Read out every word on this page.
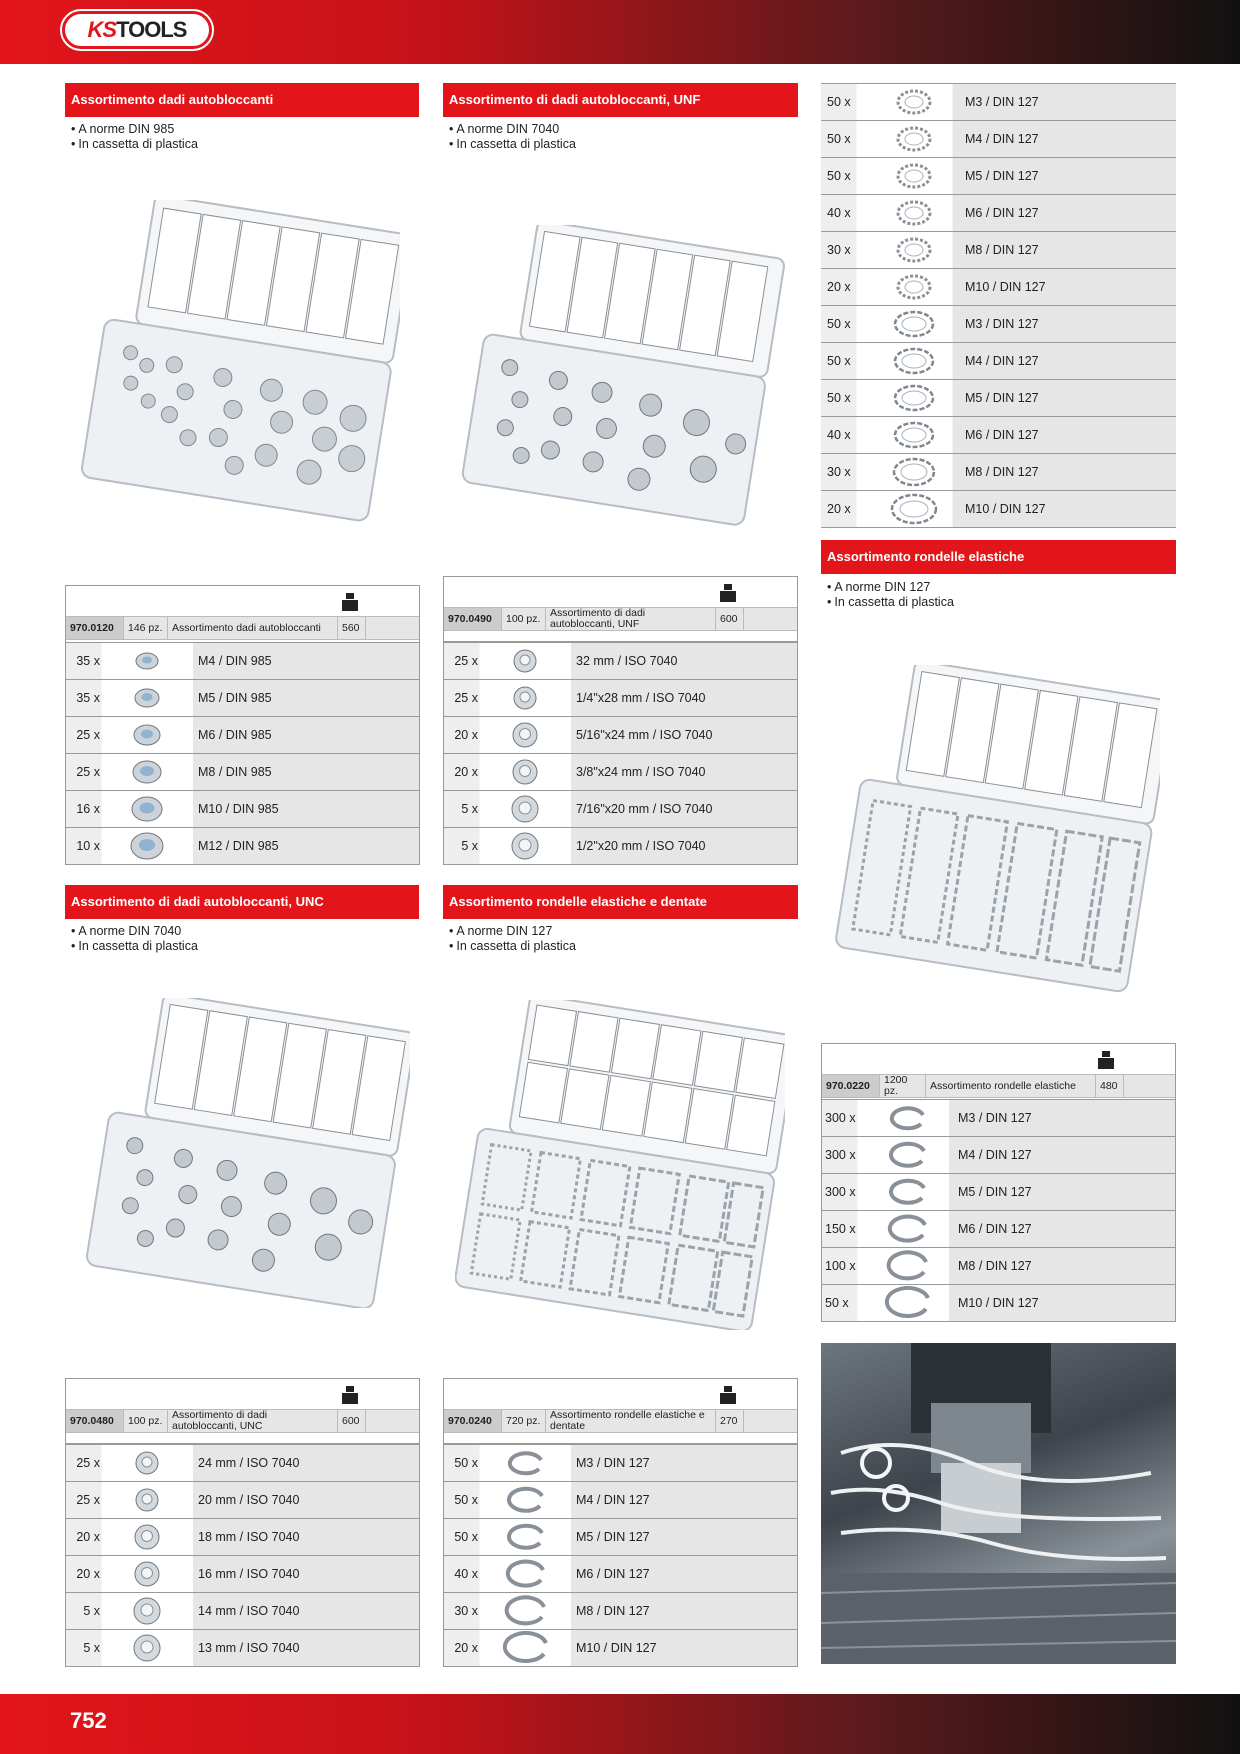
KS TOOLS
Assortimento dadi autobloccanti
• A norme DIN 985
• In cassetta di plastica
970.0120	146 pz. Assortimento dadi autobloccanti	560
35 x	M4 / DIN 985
35 x	M5 / DIN 985
25 x	M6 / DIN 985
25 x	M8 / DIN 985
16 x	M10 / DIN 985
10 x	M12 / DIN 985
Assortimento di dadi autobloccanti, UNF
• A norme DIN 7040
• In cassetta di plastica
970.0490	100 pz. Assortimento di dadi autobloccanti, UNF	600
25 x	32 mm / ISO 7040
25 x	1/4"x28 mm / ISO 7040
20 x	5/16"x24 mm / ISO 7040
20 x	3/8"x24 mm / ISO 7040
5 x	7/16"x20 mm / ISO 7040
5 x	1/2"x20 mm / ISO 7040
50 x	M3 / DIN 127
50 x	M4 / DIN 127
50 x	M5 / DIN 127
40 x	M6 / DIN 127
30 x	M8 / DIN 127
20 x	M10 / DIN 127
50 x	M3 / DIN 127
50 x	M4 / DIN 127
50 x	M5 / DIN 127
40 x	M6 / DIN 127
30 x	M8 / DIN 127
20 x	M10 / DIN 127
Assortimento rondelle elastiche
• A norme DIN 127
• In cassetta di plastica
970.0220	1200 pz.	Assortimento rondelle elastiche	480
300 x	M3 / DIN 127
300 x	M4 / DIN 127
300 x	M5 / DIN 127
150 x	M6 / DIN 127
100 x	M8 / DIN 127
50 x	M10 / DIN 127
Assortimento di dadi autobloccanti, UNC
• A norme DIN 7040
• In cassetta di plastica
970.0480	100 pz. Assortimento di dadi autobloccanti, UNC	600
25 x	24 mm / ISO 7040
25 x	20 mm / ISO 7040
20 x	18 mm / ISO 7040
20 x	16 mm / ISO 7040
5 x	14 mm / ISO 7040
5 x	13 mm / ISO 7040
Assortimento rondelle elastiche e dentate
• A norme DIN 127
• In cassetta di plastica
970.0240	720 pz. Assortimento rondelle elastiche e dentate	270
50 x	M3 / DIN 127
50 x	M4 / DIN 127
50 x	M5 / DIN 127
40 x	M6 / DIN 127
30 x	M8 / DIN 127
20 x	M10 / DIN 127
752
